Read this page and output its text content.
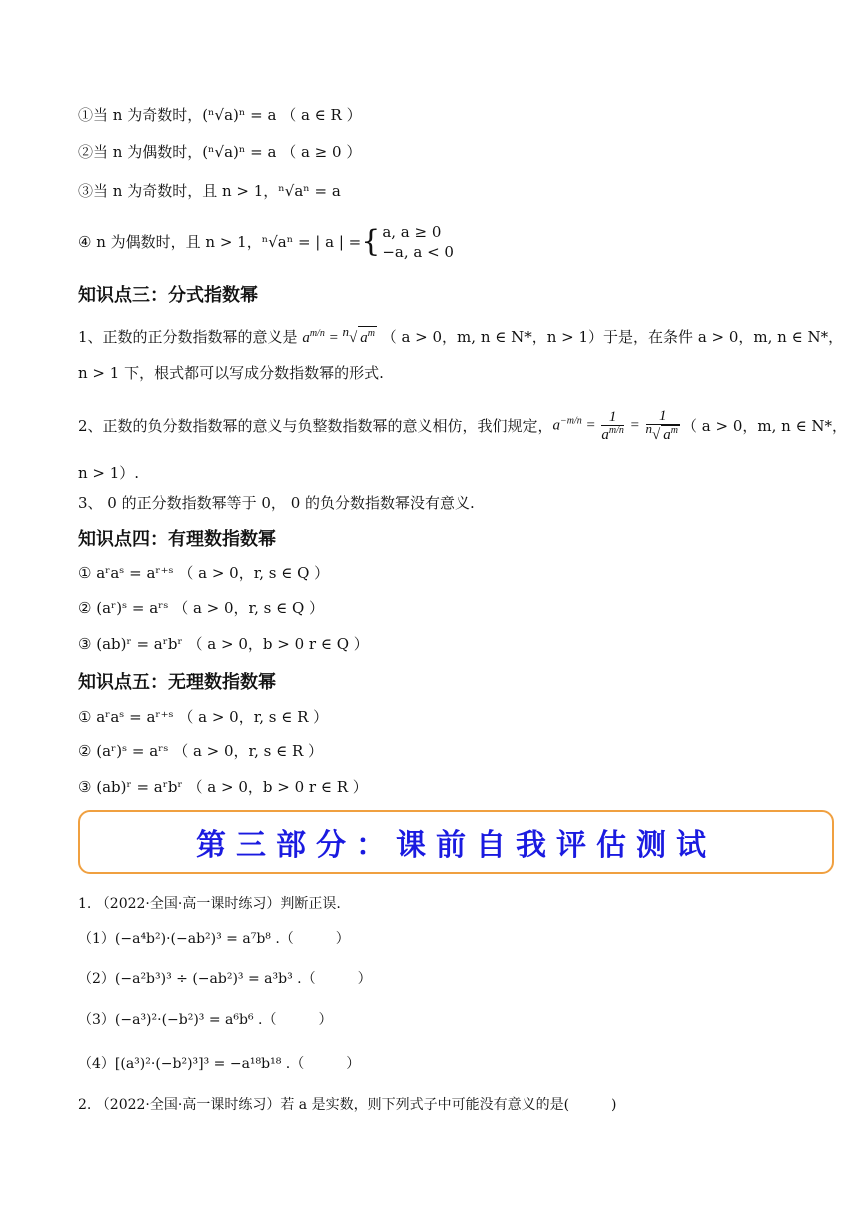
①当 n 为奇数时，(ⁿ√a)ⁿ = a （ a ∈ R ）
②当 n 为偶数时，(ⁿ√a)ⁿ = a （ a ≥ 0 ）
③当 n 为奇数时，且 n > 1，ⁿ√aⁿ = a
④ n 为偶数时，且 n > 1，ⁿ√aⁿ = | a | = { a, a ≥ 0
−a, a < 0
知识点三：分式指数幂
1、正数的正分数指数幂的意义是 $a^{m/n} = ^n√$ $a^m$ （ a > 0，m, n ∈ N*，n > 1）于是，在条件 a > 0，m, n ∈ N*，
n > 1 下，根式都可以写成分数指数幂的形式.
2、正数的负分数指数幂的意义与负整数指数幂的意义相仿，我们规定， $a^{-m/n} = \frac{1}{a^{m/n}} = \frac{1}{^n√ a^m}$ （ a > 0，m, n ∈ N*，
n > 1）.
3、 0 的正分数指数幂等于 0， 0 的负分数指数幂没有意义.
知识点四：有理数指数幂
① aʳaˢ = aʳ⁺ˢ （ a > 0，r, s ∈ Q ）
② (aʳ)ˢ = aʳˢ （ a > 0，r, s ∈ Q ）
③ (ab)ʳ = aʳbʳ （ a > 0，b > 0 r ∈ Q ）
知识点五：无理数指数幂
① aʳaˢ = aʳ⁺ˢ （ a > 0，r, s ∈ R ）
② (aʳ)ˢ = aʳˢ （ a > 0，r, s ∈ R ）
③ (ab)ʳ = aʳbʳ （ a > 0，b > 0 r ∈ R ）
第三部分：课前自我评估测试
1. （2022·全国·高一课时练习）判断正误.
（1）(−a⁴b²)·(−ab²)³ = a⁷b⁸ .（　　　）
（2）(−a²b³)³ ÷ (−ab²)³ = a³b³ .（　　　）
（3）(−a³)²·(−b²)³ = a⁶b⁶ .（　　　）
（4）[(a³)²·(−b²)³]³ = −a¹⁸b¹⁸ .（　　　）
2. （2022·全国·高一课时练习）若 a 是实数，则下列式子中可能没有意义的是(　　　)
